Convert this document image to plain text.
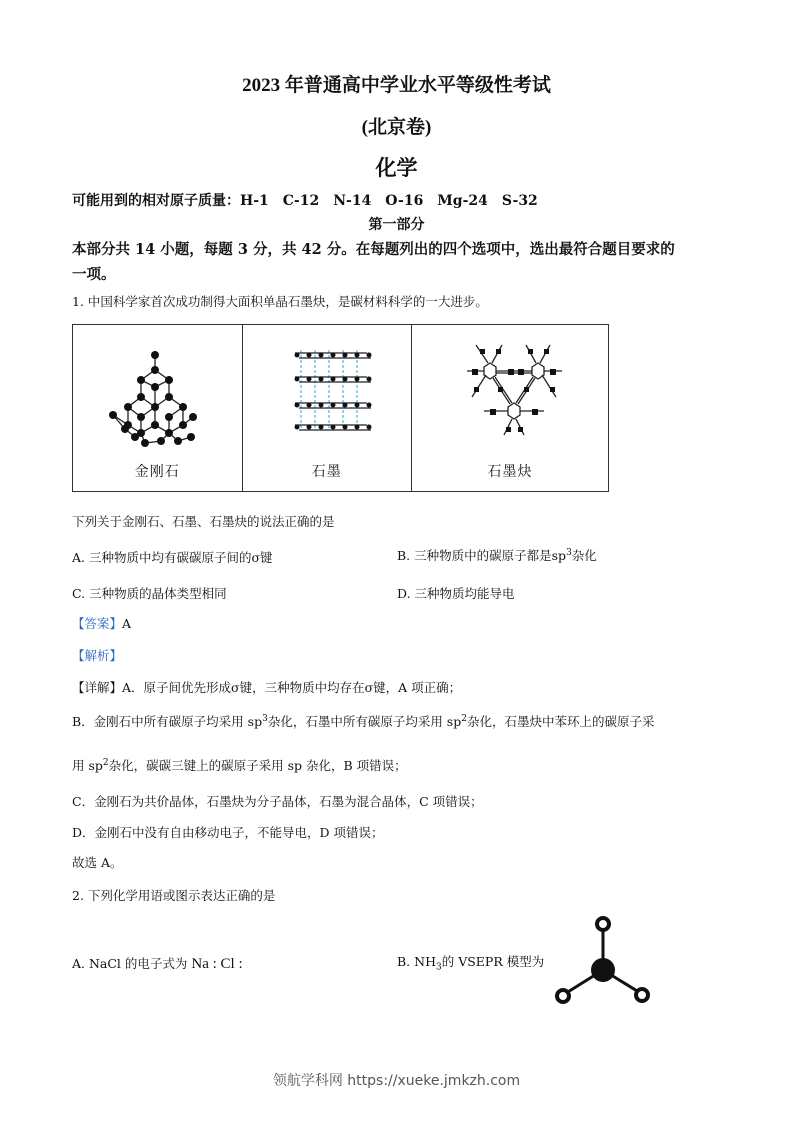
2023 年普通高中学业水平等级性考试
(北京卷)
化学
可能用到的相对原子质量：H-1　C-12　N-14　O-16　Mg-24　S-32
第一部分
本部分共 14 小题，每题 3 分，共 42 分。在每题列出的四个选项中，选出最符合题目要求的
一项。
1. 中国科学家首次成功制得大面积单晶石墨炔，是碳材料科学的一大进步。
金刚石	石墨	石墨炔
下列关于金刚石、石墨、石墨炔的说法正确的是
A. 三种物质中均有碳碳原子间的σ键	B. 三种物质中的碳原子都是$sp^3$杂化
C. 三种物质的晶体类型相同	D. 三种物质均能导电
【答案】A
【解析】
【详解】A．原子间优先形成σ键，三种物质中均存在σ键，A 项正确；
B．金刚石中所有碳原子均采用 $sp^3$杂化，石墨中所有碳原子均采用 $sp^2$杂化，石墨炔中苯环上的碳原子采
用 $sp^2$杂化，碳碳三键上的碳原子采用 sp 杂化，B 项错误；
C．金刚石为共价晶体，石墨炔为分子晶体，石墨为混合晶体，C 项错误；
D．金刚石中没有自由移动电子，不能导电，D 项错误；
故选 A。
2. 下列化学用语或图示表达正确的是
A. NaCl 的电子式为 Na : Cl :	B. $NH_3$的 VSEPR 模型为
领航学科网 https://xueke.jmkzh.com
